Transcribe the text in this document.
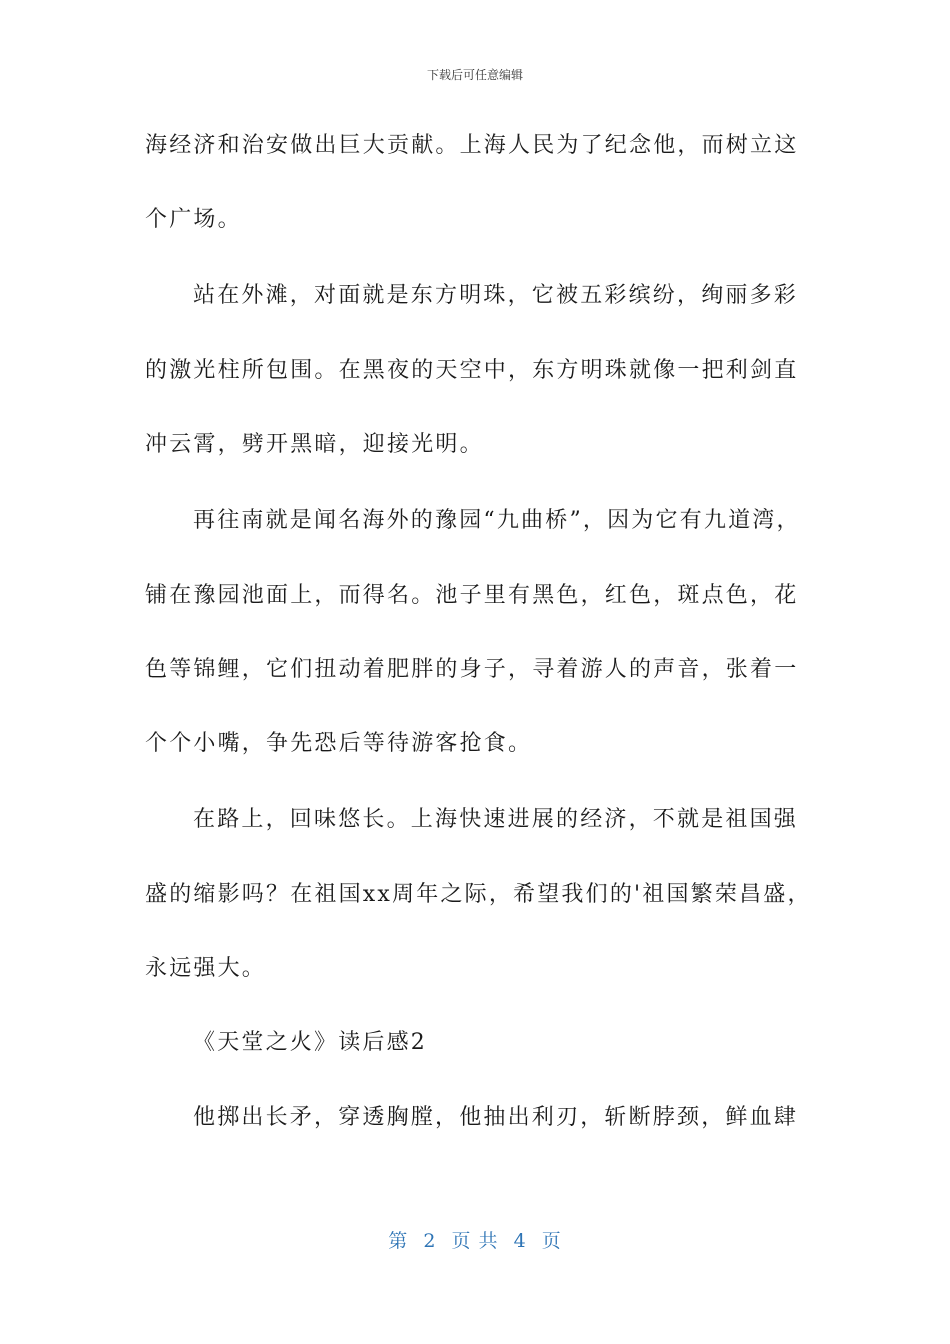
下载后可任意编辑
海经济和治安做出巨大贡献。上海人民为了纪念他，而树立这
个广场。
站在外滩，对面就是东方明珠，它被五彩缤纷，绚丽多彩
的激光柱所包围。在黑夜的天空中，东方明珠就像一把利剑直
冲云霄，劈开黑暗，迎接光明。
再往南就是闻名海外的豫园“九曲桥”，因为它有九道湾，
铺在豫园池面上，而得名。池子里有黑色，红色，斑点色，花
色等锦鲤，它们扭动着肥胖的身子，寻着游人的声音，张着一
个个小嘴，争先恐后等待游客抢食。
在路上，回味悠长。上海快速进展的经济，不就是祖国强
盛的缩影吗？在祖国xx周年之际，希望我们的'祖国繁荣昌盛，
永远强大。
《天堂之火》读后感2
他掷出长矛，穿透胸膛，他抽出利刃，斩断脖颈，鲜血肆
第 2 页 共 4 页
